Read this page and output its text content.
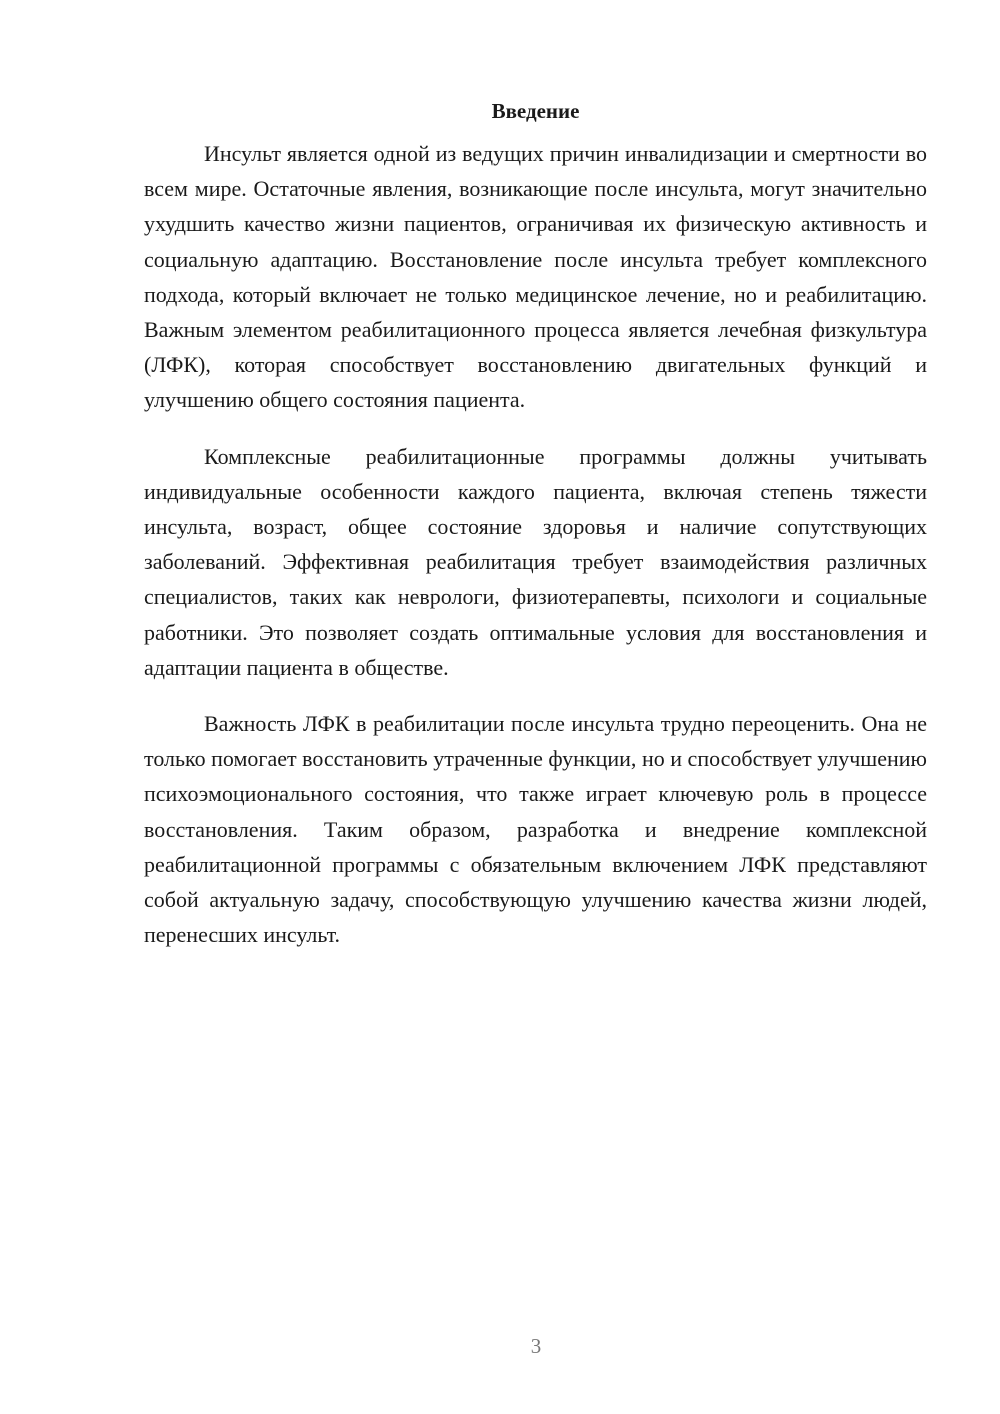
Введение

Инсульт является одной из ведущих причин инвалидизации и смертности во всем мире. Остаточные явления, возникающие после инсульта, могут значительно ухудшить качество жизни пациентов, ограничивая их физическую активность и социальную адаптацию. Восстановление после инсульта требует комплексного подхода, который включает не только медицинское лечение, но и реабилитацию. Важным элементом реабилитационного процесса является лечебная физкультура (ЛФК), которая способствует восстановлению двигательных функций и улучшению общего состояния пациента.

Комплексные реабилитационные программы должны учитывать индивидуальные особенности каждого пациента, включая степень тяжести инсульта, возраст, общее состояние здоровья и наличие сопутствующих заболеваний. Эффективная реабилитация требует взаимодействия различных специалистов, таких как неврологи, физиотерапевты, психологи и социальные работники. Это позволяет создать оптимальные условия для восстановления и адаптации пациента в обществе.

Важность ЛФК в реабилитации после инсульта трудно переоценить. Она не только помогает восстановить утраченные функции, но и способствует улучшению психоэмоционального состояния, что также играет ключевую роль в процессе восстановления. Таким образом, разработка и внедрение комплексной реабилитационной программы с обязательным включением ЛФК представляют собой актуальную задачу, способствующую улучшению качества жизни людей, перенесших инсульт.

3
